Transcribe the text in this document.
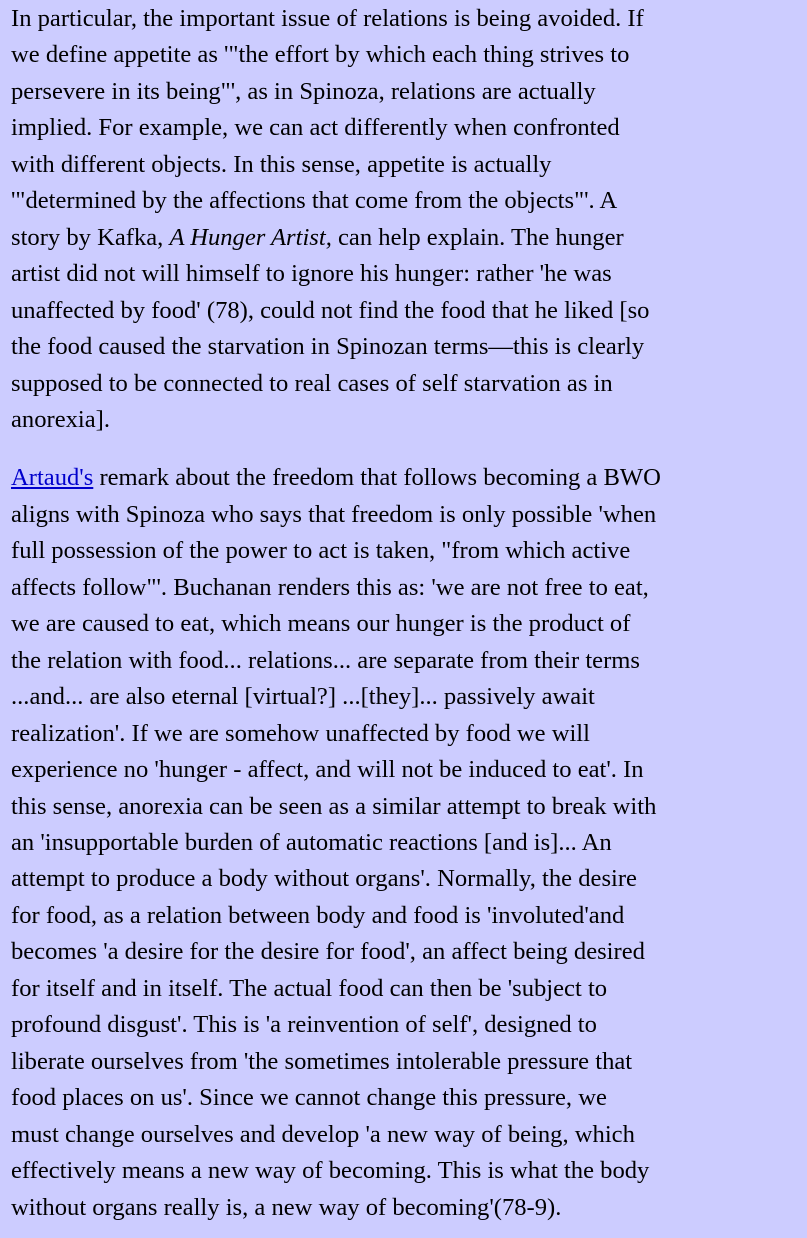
In particular, the important issue of relations is being avoided. If
we define appetite as '"the effort by which each thing strives to
persevere in its being"', as in Spinoza, relations are actually
implied. For example, we can act differently when confronted
with different objects. In this sense, appetite is actually
'"determined by the affections that come from the objects"'. A
story by Kafka, A Hunger Artist, can help explain. The hunger
artist did not will himself to ignore his hunger: rather 'he was
unaffected by food' (78), could not find the food that he liked [so
the food caused the starvation in Spinozan terms—this is clearly
supposed to be connected to real cases of self starvation as in
anorexia].

Artaud's remark about the freedom that follows becoming a BWO
aligns with Spinoza who says that freedom is only possible 'when
full possession of the power to act is taken, "from which active
affects follow"'. Buchanan renders this as: 'we are not free to eat,
we are caused to eat, which means our hunger is the product of
the relation with food... relations... are separate from their terms
...and... are also eternal [virtual?] ...[they]... passively await
realization'. If we are somehow unaffected by food we will
experience no 'hunger - affect, and will not be induced to eat'. In
this sense, anorexia can be seen as a similar attempt to break with
an 'insupportable burden of automatic reactions [and is]... An
attempt to produce a body without organs'. Normally, the desire
for food, as a relation between body and food is 'involuted'and
becomes 'a desire for the desire for food', an affect being desired
for itself and in itself. The actual food can then be 'subject to
profound disgust'. This is 'a reinvention of self', designed to
liberate ourselves from 'the sometimes intolerable pressure that
food places on us'. Since we cannot change this pressure, we
must change ourselves and develop 'a new way of being, which
effectively means a new way of becoming. This is what the body
without organs really is, a new way of becoming'(78-9).
